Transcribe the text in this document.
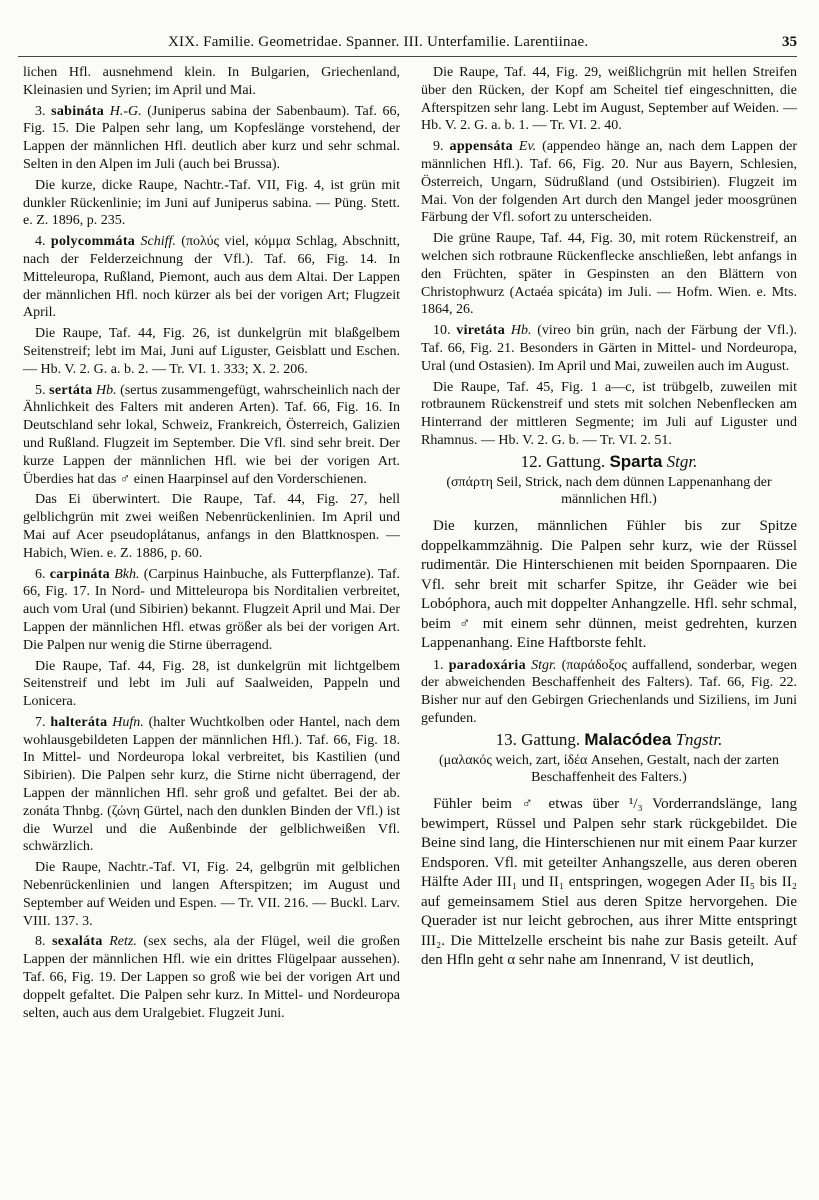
XIX. Familie. Geometridae. Spanner. III. Unterfamilie. Larentiinae.	35

lichen Hfl. ausnehmend klein. In Bulgarien, Griechenland, Kleinasien und Syrien; im April und Mai.

3. sabináta H.-G. (Juniperus sabina der Sabenbaum). Taf. 66, Fig. 15. Die Palpen sehr lang, um Kopfeslänge vorstehend, der Lappen der männlichen Hfl. deutlich aber kurz und sehr schmal. Selten in den Alpen im Juli (auch bei Brussa).

Die kurze, dicke Raupe, Nachtr.-Taf. VII, Fig. 4, ist grün mit dunkler Rückenlinie; im Juni auf Juniperus sabina. — Püng. Stett. e. Z. 1896, p. 235.

4. polycommáta Schiff. (πολύς viel, κόμμα Schlag, Abschnitt, nach der Felderzeichnung der Vfl.). Taf. 66, Fig. 14. In Mitteleuropa, Rußland, Piemont, auch aus dem Altai. Der Lappen der männlichen Hfl. noch kürzer als bei der vorigen Art; Flugzeit April.

Die Raupe, Taf. 44, Fig. 26, ist dunkelgrün mit blaßgelbem Seitenstreif; lebt im Mai, Juni auf Liguster, Geisblatt und Eschen. — Hb. V. 2. G. a. b. 2. — Tr. VI. 1. 333; X. 2. 206.

5. sertáta Hb. (sertus zusammengefügt, wahrscheinlich nach der Ähnlichkeit des Falters mit anderen Arten). Taf. 66, Fig. 16. In Deutschland sehr lokal, Schweiz, Frankreich, Österreich, Galizien und Rußland. Flugzeit im September. Die Vfl. sind sehr breit. Der kurze Lappen der männlichen Hfl. wie bei der vorigen Art. Überdies hat das ♂ einen Haarpinsel auf den Vorderschienen.

Das Ei überwintert. Die Raupe, Taf. 44, Fig. 27, hell gelblichgrün mit zwei weißen Nebenrückenlinien. Im April und Mai auf Acer pseudoplátanus, anfangs in den Blattknospen. — Habich, Wien. e. Z. 1886, p. 60.

6. carpináta Bkh. (Carpinus Hainbuche, als Futterpflanze). Taf. 66, Fig. 17. In Nord- und Mitteleuropa bis Norditalien verbreitet, auch vom Ural (und Sibirien) bekannt. Flugzeit April und Mai. Der Lappen der männlichen Hfl. etwas größer als bei der vorigen Art. Die Palpen nur wenig die Stirne überragend.

Die Raupe, Taf. 44, Fig. 28, ist dunkelgrün mit lichtgelbem Seitenstreif und lebt im Juli auf Saalweiden, Pappeln und Lonicera.

7. halteráta Hufn. (halter Wuchtkolben oder Hantel, nach dem wohlausgebildeten Lappen der männlichen Hfl.). Taf. 66, Fig. 18. In Mittel- und Nordeuropa lokal verbreitet, bis Kastilien (und Sibirien). Die Palpen sehr kurz, die Stirne nicht überragend, der Lappen der männlichen Hfl. sehr groß und gefaltet. Bei der ab. zonáta Thnbg. (ζώνη Gürtel, nach den dunklen Binden der Vfl.) ist die Wurzel und die Außenbinde der gelblichweißen Vfl. schwärzlich.

Die Raupe, Nachtr.-Taf. VI, Fig. 24, gelbgrün mit gelblichen Nebenrückenlinien und langen Afterspitzen; im August und September auf Weiden und Espen. — Tr. VII. 216. — Buckl. Larv. VIII. 137. 3.

8. sexaláta Retz. (sex sechs, ala der Flügel, weil die großen Lappen der männlichen Hfl. wie ein drittes Flügelpaar aussehen). Taf. 66, Fig. 19. Der Lappen so groß wie bei der vorigen Art und doppelt gefaltet. Die Palpen sehr kurz. In Mittel- und Nordeuropa selten, auch aus dem Uralgebiet. Flugzeit Juni.

Die Raupe, Taf. 44, Fig. 29, weißlichgrün mit hellen Streifen über den Rücken, der Kopf am Scheitel tief eingeschnitten, die Afterspitzen sehr lang. Lebt im August, September auf Weiden. — Hb. V. 2. G. a. b. 1. — Tr. VI. 2. 40.

9. appensáta Ev. (appendeo hänge an, nach dem Lappen der männlichen Hfl.). Taf. 66, Fig. 20. Nur aus Bayern, Schlesien, Österreich, Ungarn, Südrußland (und Ostsibirien). Flugzeit im Mai. Von der folgenden Art durch den Mangel jeder moosgrünen Färbung der Vfl. sofort zu unterscheiden.

Die grüne Raupe, Taf. 44, Fig. 30, mit rotem Rückenstreif, an welchen sich rotbraune Rückenflecke anschließen, lebt anfangs in den Früchten, später in Gespinsten an den Blättern von Christophwurz (Actaéa spicáta) im Juli. — Hofm. Wien. e. Mts. 1864, 26.

10. viretáta Hb. (vireo bin grün, nach der Färbung der Vfl.). Taf. 66, Fig. 21. Besonders in Gärten in Mittel- und Nordeuropa, Ural (und Ostasien). Im April und Mai, zuweilen auch im August.

Die Raupe, Taf. 45, Fig. 1 a—c, ist trübgelb, zuweilen mit rotbraunem Rückenstreif und stets mit solchen Nebenflecken am Hinterrand der mittleren Segmente; im Juli auf Liguster und Rhamnus. — Hb. V. 2. G. b. — Tr. VI. 2. 51.

12. Gattung. Sparta Stgr.

(σπάρτη Seil, Strick, nach dem dünnen Lappenanhang der männlichen Hfl.)

Die kurzen, männlichen Fühler bis zur Spitze doppelkammzähnig. Die Palpen sehr kurz, wie der Rüssel rudimentär. Die Hinterschienen mit beiden Spornpaaren. Die Vfl. sehr breit mit scharfer Spitze, ihr Geäder wie bei Lobóphora, auch mit doppelter Anhangzelle. Hfl. sehr schmal, beim ♂ mit einem sehr dünnen, meist gedrehten, kurzen Lappenanhang. Eine Haftborste fehlt.

1. paradoxária Stgr. (παράδοξος auffallend, sonderbar, wegen der abweichenden Beschaffenheit des Falters). Taf. 66, Fig. 22. Bisher nur auf den Gebirgen Griechenlands und Siziliens, im Juni gefunden.

13. Gattung. Malacódea Tngstr.

(μαλακός weich, zart, ἰδέα Ansehen, Gestalt, nach der zarten Beschaffenheit des Falters.)

Fühler beim ♂ etwas über ¹/₃ Vorderrandslänge, lang bewimpert, Rüssel und Palpen sehr stark rückgebildet. Die Beine sind lang, die Hinterschienen nur mit einem Paar kurzer Endsporen. Vfl. mit geteilter Anhangszelle, aus deren oberen Hälfte Ader III₁ und II₁ entspringen, wogegen Ader II₅ bis II₂ auf gemeinsamem Stiel aus deren Spitze hervorgehen. Die Querader ist nur leicht gebrochen, aus ihrer Mitte entspringt III₂. Die Mittelzelle erscheint bis nahe zur Basis geteilt. Auf den Hfln geht α sehr nahe am Innenrand, V ist deutlich,
